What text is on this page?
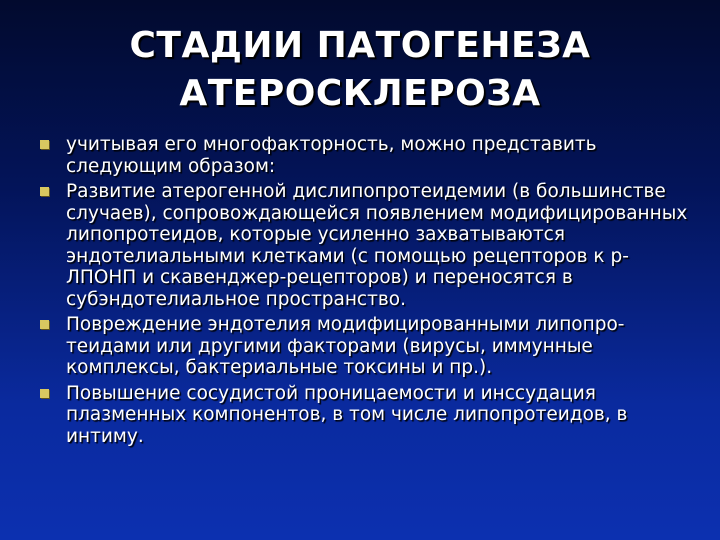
СТАДИИ ПАТОГЕНЕЗА
АТЕРОСКЛЕРОЗА
учитывая его многофакторность, можно представить следующим образом:
Развитие атерогенной дислипопротеидемии (в большинстве случаев), сопровождающейся появлением модифицированных липопротеидов, которые усиленно захватываются эндотелиальными клетками (с помощью рецепторов к р-ЛПОНП и скавенджер-рецепторов) и переносятся в субэндотелиальное пространство.
Повреждение эндотелия модифицированными липопро-теидами или другими факторами (вирусы, иммунные комплексы, бактериальные токсины и пр.).
Повышение сосудистой проницаемости и инссудация плазменных компонентов, в том числе липопротеидов, в интиму.
